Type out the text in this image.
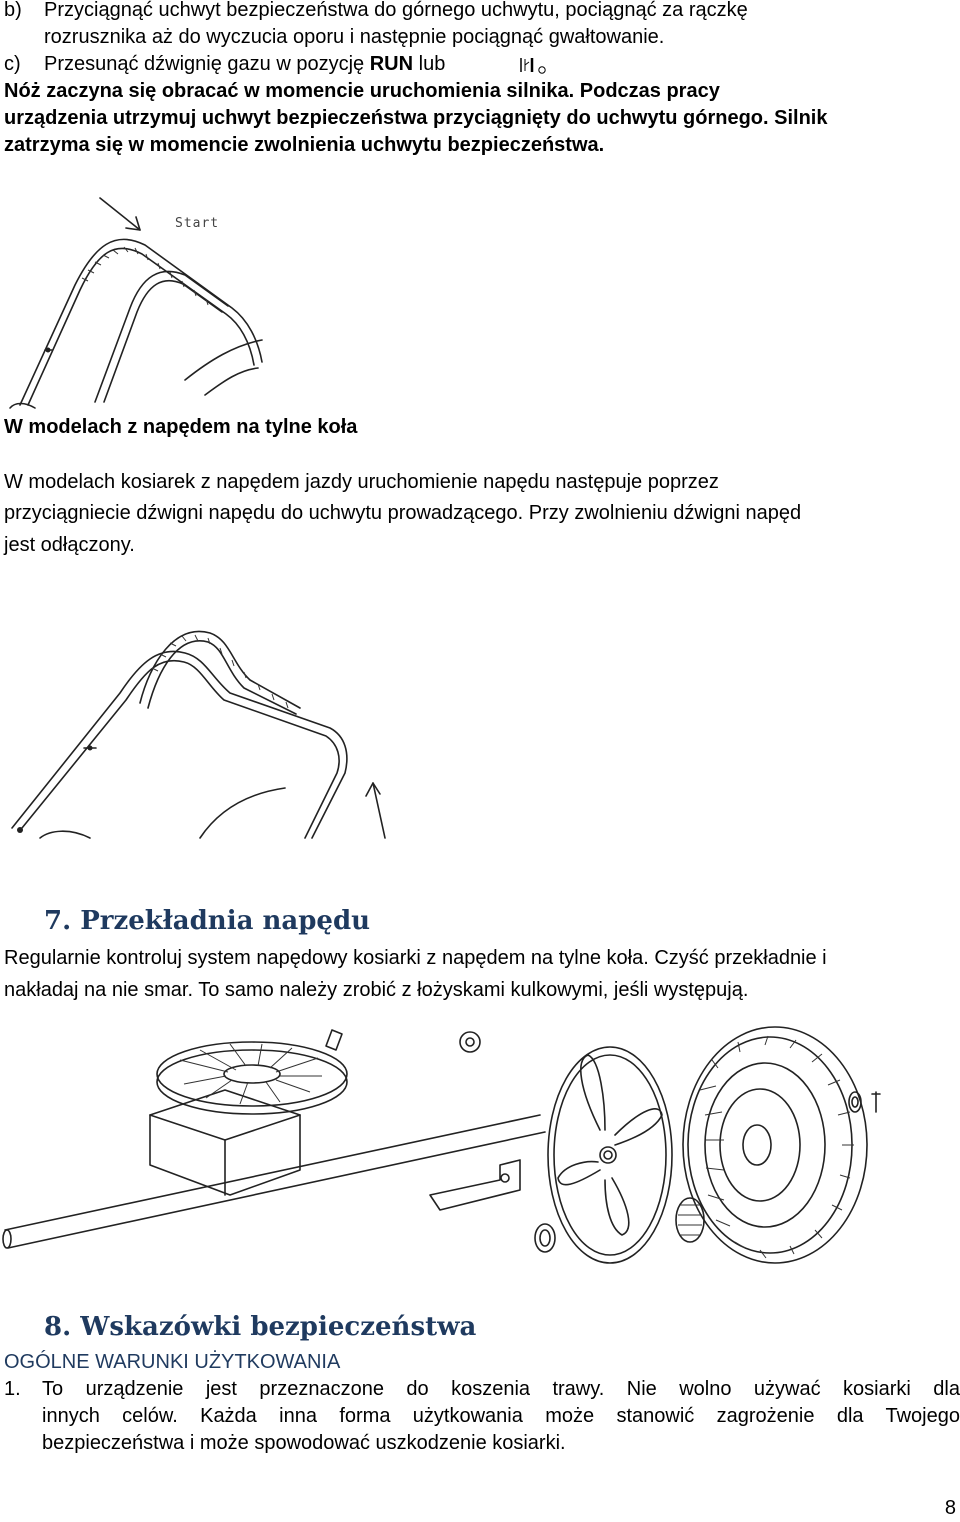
b) Przyciągnąć uchwyt bezpieczeństwa do górnego uchwytu, pociągnąć za rączkę
rozrusznika aż do wyczucia oporu i następnie pociągnąć gwałtowanie.
c) Przesunąć dźwignię gazu w pozycję RUN lub
Nóż zaczyna się obracać w momencie uruchomienia silnika. Podczas pracy
urządzenia utrzymuj uchwyt bezpieczeństwa przyciągnięty do uchwytu górnego. Silnik
zatrzyma się w momencie zwolnienia uchwytu bezpieczeństwa.
Start
W modelach z napędem na tylne koła
W modelach kosiarek z napędem jazdy uruchomienie napędu następuje poprzez
przyciągniecie dźwigni napędu do uchwytu prowadzącego. Przy zwolnieniu dźwigni napęd
jest odłączony.
7. Przekładnia napędu
Regularnie kontroluj system napędowy kosiarki z napędem na tylne koła. Czyść przekładnie i
nakładaj na nie smar. To samo należy zrobić z łożyskami kulkowymi, jeśli występują.
8. Wskazówki bezpieczeństwa
OGÓLNE WARUNKI UŻYTKOWANIA
1. To urządzenie jest przeznaczone do koszenia trawy. Nie wolno używać kosiarki dla
innych celów. Każda inna forma użytkowania może stanowić zagrożenie dla Twojego
bezpieczeństwa i może spowodować uszkodzenie kosiarki.
8
